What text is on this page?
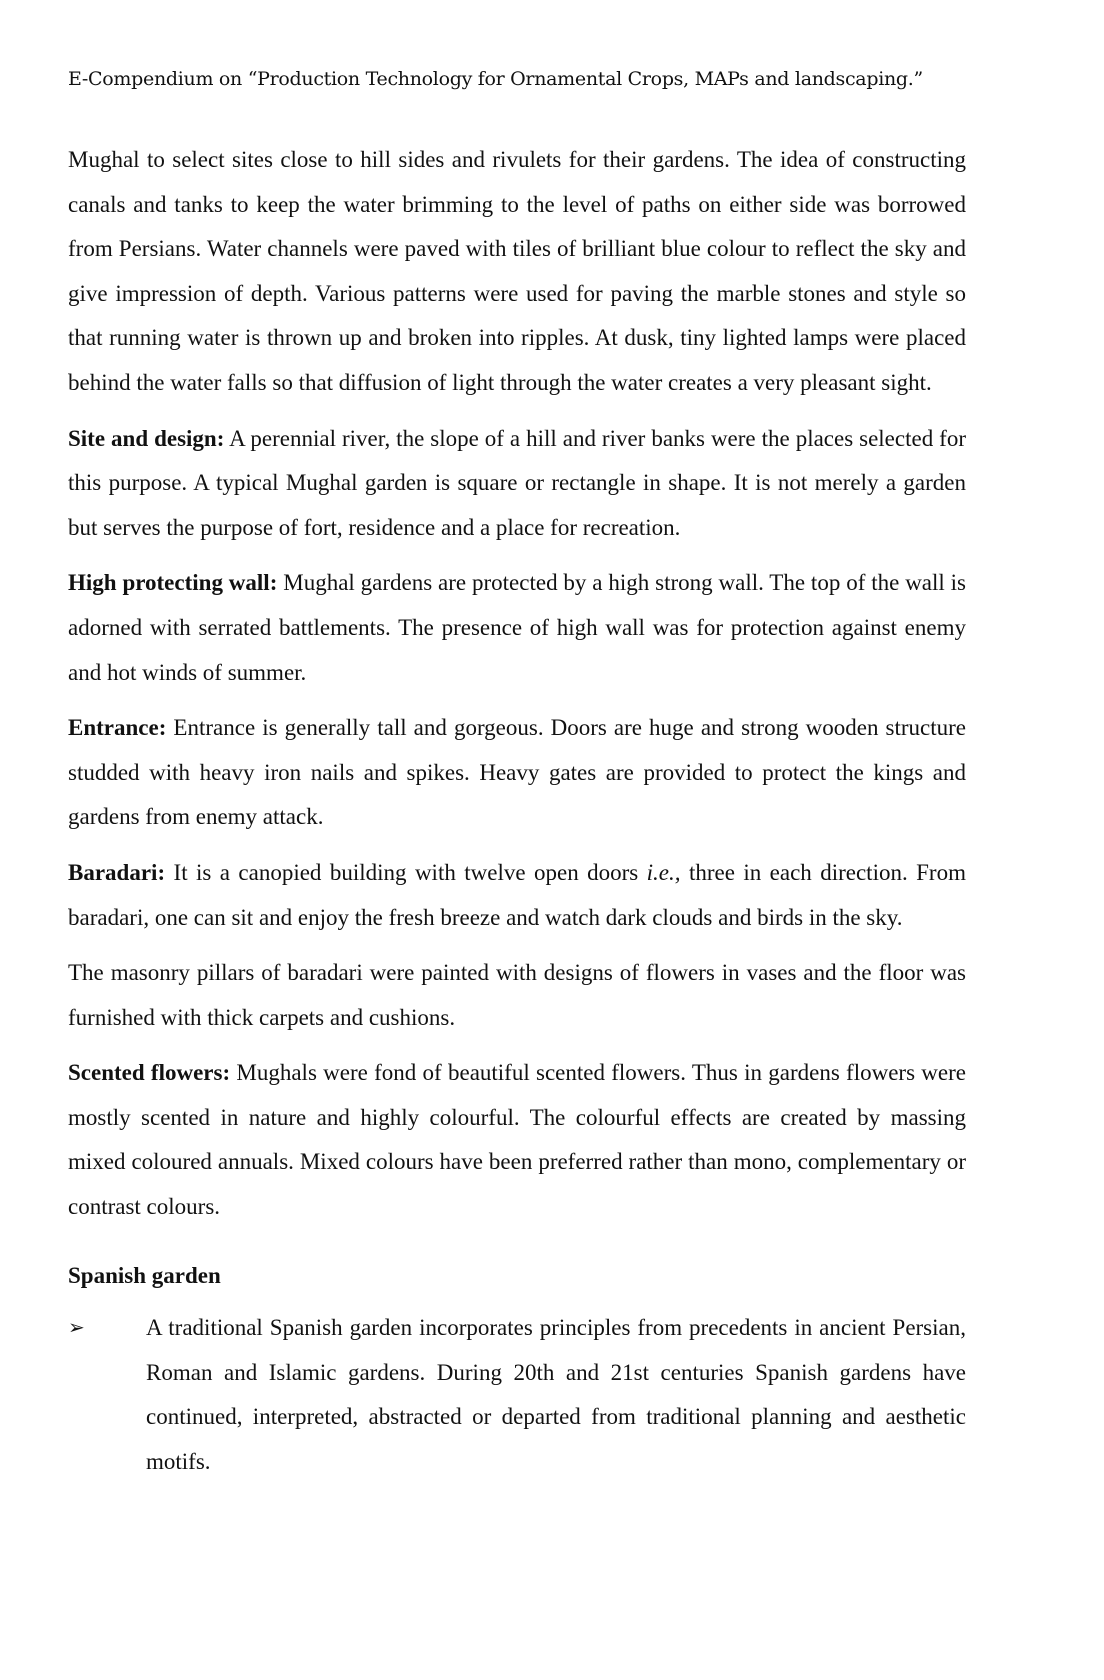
E-Compendium on “Production Technology for Ornamental Crops, MAPs and landscaping.”

Mughal to select sites close to hill sides and rivulets for their gardens. The idea of constructing canals and tanks to keep the water brimming to the level of paths on either side was borrowed from Persians. Water channels were paved with tiles of brilliant blue colour to reflect the sky and give impression of depth. Various patterns were used for paving the marble stones and style so that running water is thrown up and broken into ripples. At dusk, tiny lighted lamps were placed behind the water falls so that diffusion of light through the water creates a very pleasant sight.

Site and design: A perennial river, the slope of a hill and river banks were the places selected for this purpose. A typical Mughal garden is square or rectangle in shape. It is not merely a garden but serves the purpose of fort, residence and a place for recreation.

High protecting wall: Mughal gardens are protected by a high strong wall. The top of the wall is adorned with serrated battlements. The presence of high wall was for protection against enemy and hot winds of summer.

Entrance: Entrance is generally tall and gorgeous. Doors are huge and strong wooden structure studded with heavy iron nails and spikes. Heavy gates are provided to protect the kings and gardens from enemy attack.

Baradari: It is a canopied building with twelve open doors i.e., three in each direction. From baradari, one can sit and enjoy the fresh breeze and watch dark clouds and birds in the sky.

The masonry pillars of baradari were painted with designs of flowers in vases and the floor was furnished with thick carpets and cushions.

Scented flowers: Mughals were fond of beautiful scented flowers. Thus in gardens flowers were mostly scented in nature and highly colourful. The colourful effects are created by massing mixed coloured annuals. Mixed colours have been preferred rather than mono, complementary or contrast colours.

Spanish garden
➢	A traditional Spanish garden incorporates principles from precedents in ancient Persian, Roman and Islamic gardens. During 20th and 21st centuries Spanish gardens have continued, interpreted, abstracted or departed from traditional planning and aesthetic motifs.
